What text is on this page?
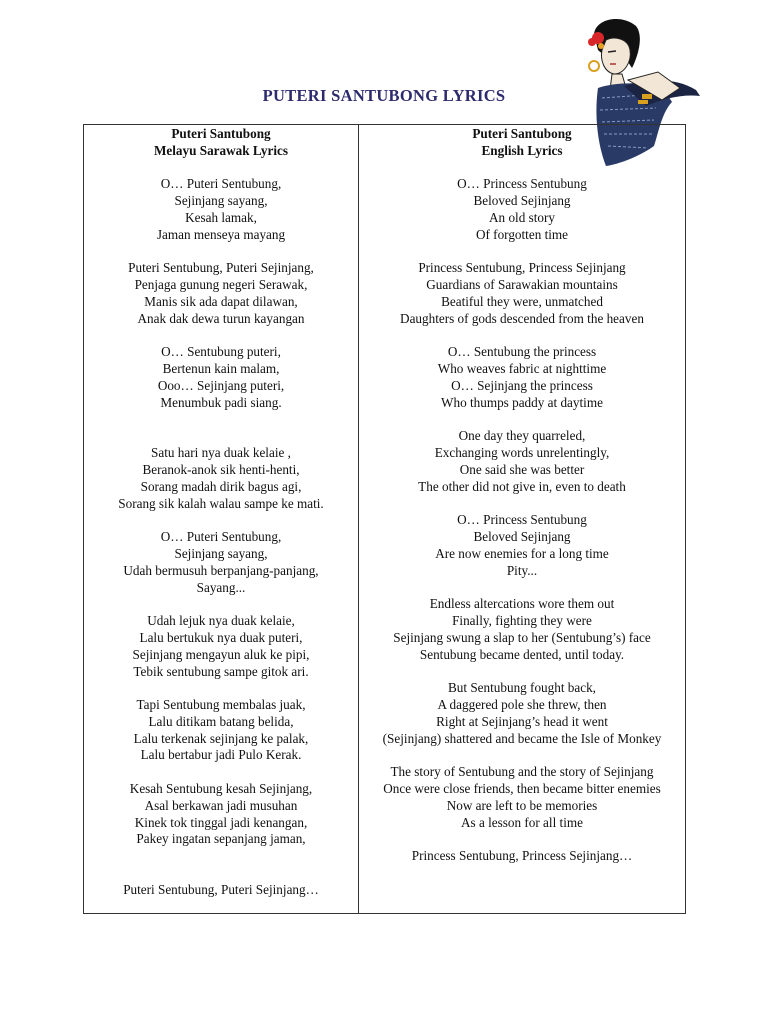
PUTERI SANTUBONG LYRICS
Puteri Santubong
Melayu Sarawak Lyrics
O… Puteri Sentubung,
Sejinjang sayang,
Kesah lamak,
Jaman menseya mayang
Puteri Sentubung, Puteri Sejinjang,
Penjaga gunung negeri Serawak,
Manis sik ada dapat dilawan,
Anak dak dewa turun kayangan
O… Sentubung puteri,
Bertenun kain malam,
Ooo… Sejinjang puteri,
Menumbuk padi siang.
Satu hari nya duak kelaie ,
Beranok-anok sik henti-henti,
Sorang madah dirik bagus agi,
Sorang sik kalah walau sampe ke mati.
O… Puteri Sentubung,
Sejinjang sayang,
Udah bermusuh berpanjang-panjang,
Sayang...
Udah lejuk nya duak kelaie,
Lalu bertukuk nya duak puteri,
Sejinjang mengayun aluk ke pipi,
Tebik sentubung sampe gitok ari.
Tapi Sentubung membalas juak,
Lalu ditikam batang belida,
Lalu terkenak sejinjang ke palak,
Lalu bertabur jadi Pulo Kerak.
Kesah Sentubung kesah Sejinjang,
Asal berkawan jadi musuhan
Kinek tok tinggal jadi kenangan,
Pakey ingatan sepanjang jaman,
Puteri Sentubung, Puteri Sejinjang…
Puteri Santubong
English Lyrics
O… Princess Sentubung
Beloved Sejinjang
An old story
Of forgotten time
Princess Sentubung, Princess Sejinjang
Guardians of Sarawakian mountains
Beatiful they were, unmatched
Daughters of gods descended from the heaven
O… Sentubung the princess
Who weaves fabric at nighttime
O… Sejinjang the princess
Who thumps paddy at daytime
One day they quarreled,
Exchanging words unrelentingly,
One said she was better
The other did not give in, even to death
O… Princess Sentubung
Beloved Sejinjang
Are now enemies for a long time
Pity...
Endless altercations wore them out
Finally, fighting they were
Sejinjang swung a slap to her (Sentubung’s) face
Sentubung became dented, until today.
But Sentubung fought back,
A daggered pole she threw, then
Right at Sejinjang’s head it went
(Sejinjang) shattered and became the Isle of Monkey
The story of Sentubung and the story of Sejinjang
Once were close friends, then became bitter enemies
Now are left to be memories
As a lesson for all time
Princess Sentubung, Princess Sejinjang…
